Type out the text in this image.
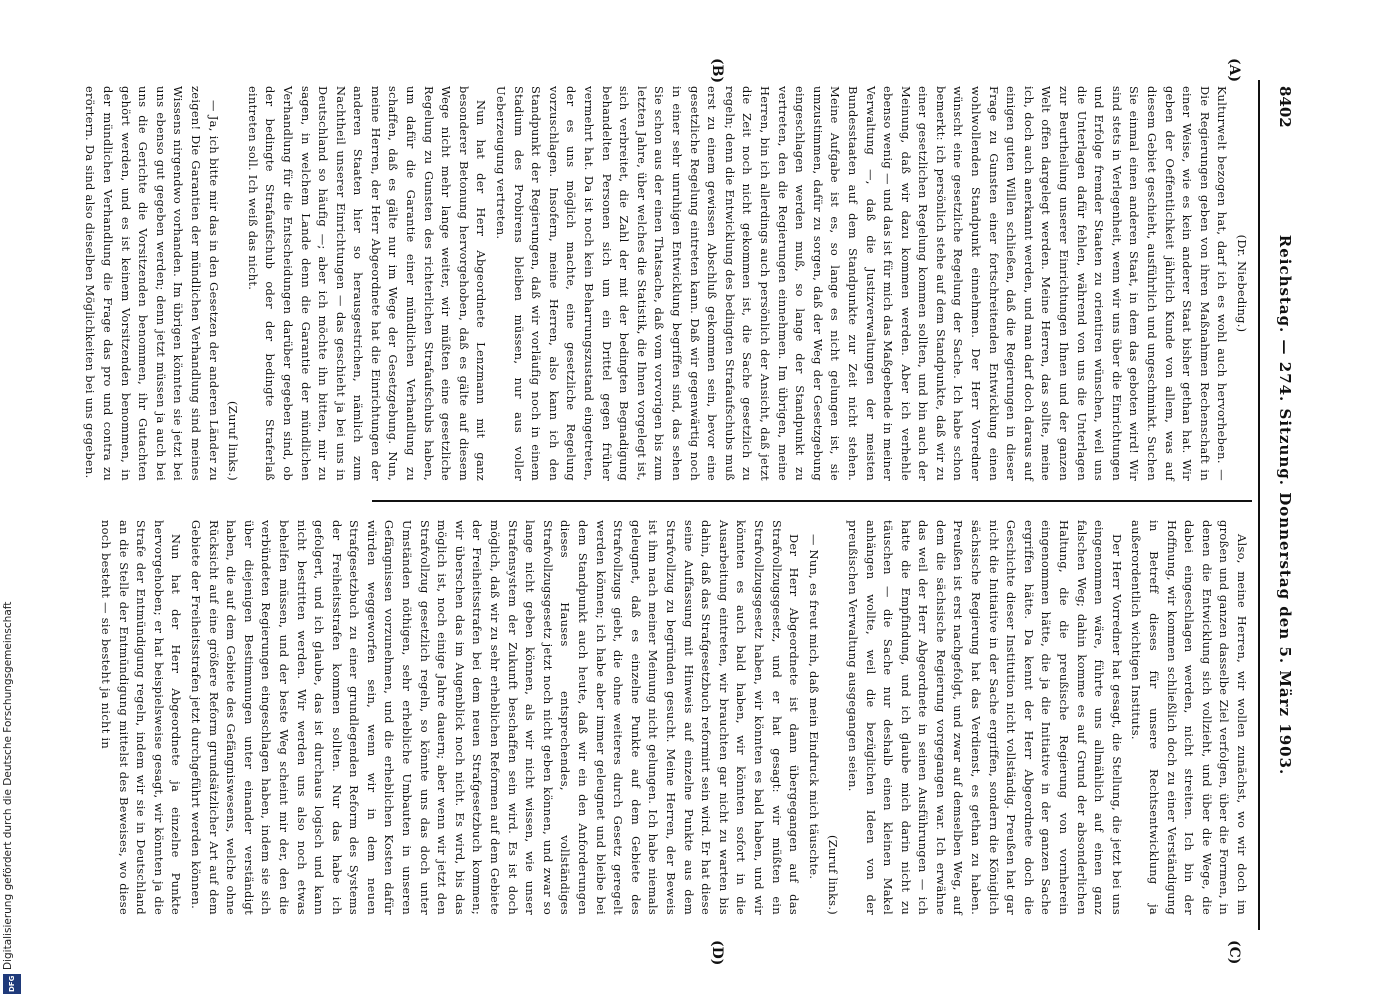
8402
Reichstag. — 274. Sitzung. Donnerstag den 5. März 1903.
(A)
(B)
(C)
(D)

(Dr. Niebeding.)

Kulturwelt bezogen hat, darf ich es wohl auch hervorheben. — Die Regierungen geben von ihren Maßnahmen Rechenschaft in einer Weise, wie es kein anderer Staat bisher gethan hat. Wir geben der Oeffentlichkeit jährlich Kunde von allem, was auf diesem Gebiet geschieht, ausführlich und ungeschminkt. Suchen Sie einmal einen anderen Staat, in dem das geboten wird! Wir sind stets in Verlegenheit, wenn wir uns über die Einrichtungen und Erfolge fremder Staaten zu orientiren wünschen, weil uns die Unterlagen dafür fehlen, während von uns die Unterlagen zur Beurtheilung unserer Einrichtungen Ihnen und der ganzen Welt offen dargelegt werden. Meine Herren, das sollte, meine ich, doch auch anerkannt werden, und man darf doch daraus auf einigen guten Willen schließen, daß die Regierungen in dieser Frage zu Gunsten einer fortschreitenden Entwicklung einen wohlwollenden Standpunkt einnehmen. Der Herr Vorredner wünscht eine gesetzliche Regelung der Sache. Ich habe schon bemerkt: ich persönlich stehe auf dem Standpunkte, daß wir zu einer gesetzlichen Regelung kommen sollten, und bin auch der Meinung, daß wir dazu kommen werden. Aber ich verhehle ebenso wenig — und das ist für mich das Maßgebende in meiner Verwaltung —, daß die Justizverwaltungen der meisten Bundesstaaten auf dem Standpunkte zur Zeit nicht stehen. Meine Aufgabe ist es, so lange es nicht gelungen ist, sie umzustimmen, dafür zu sorgen, daß der Weg der Gesetzgebung eingeschlagen werden muß, so lange der Standpunkt zu vertreten, den die Regierungen einnehmen. Im übrigen, meine Herren, bin ich allerdings auch persönlich der Ansicht, daß jetzt die Zeit noch nicht gekommen ist, die Sache gesetzlich zu regeln; denn die Entwicklung des bedingten Strafaufschubs muß erst zu einem gewissen Abschluß gekommen sein, bevor eine gesetzliche Regelung eintreten kann. Daß wir gegenwärtig noch in einer sehr unruhigen Entwicklung begriffen sind, das sehen Sie schon aus der einen Thatsache, daß vom vorvorigen bis zum letzten Jahre, über welches die Statistik, die Ihnen vorgelegt ist, sich verbreitet, die Zahl der mit der bedingten Begnadigung behandelten Personen sich um ein Drittel gegen früher vermehrt hat. Da ist noch kein Beharrungszustand eingetreten, der es uns möglich machte, eine gesetzliche Regelung vorzuschlagen. Insofern, meine Herren, also kann ich den Standpunkt der Regierungen, daß wir vorläufig noch in einem Stadium des Probirens bleiben müssen, nur aus voller Ueberzeugung vertreten.

Nun hat der Herr Abgeordnete Lenzmann mit ganz besonderer Betonung hervorgehoben, daß es gälte auf diesem Wege nicht mehr lange weiter, wir müßten eine gesetzliche Regelung zu Gunsten des richterlichen Strafaufschubs haben, um dafür die Garantie einer mündlichen Verhandlung zu schaffen, daß es gälte nur im Wege der Gesetzgebung. Nun, meine Herren, der Herr Abgeordnete hat die Einrichtungen der anderen Staaten hier so herausgestrichen, nämlich zum Nachtheil unserer Einrichtungen — das geschieht ja bei uns in Deutschland so häufig —; aber ich möchte ihn bitten, mir zu sagen, in welchem Lande denn die Garantie der mündlichen Verhandlung für die Entscheidungen darüber gegeben sind, ob der bedingte Strafaufschub oder der bedingte Straferlaß eintreten soll. Ich weiß das nicht.

(Zuruf links.)

— Ja, ich bitte mir das in den Gesetzen der anderen Länder zu zeigen! Die Garantien der mündlichen Verhandlung sind meines Wissens nirgendwo vorhanden. Im übrigen könnten sie jetzt bei uns ebenso gut gegeben werden; denn jetzt müssen ja auch bei uns die Gerichte die Vorsitzenden benommen, ihr Gutachten gehört werden, und es ist keinem Vorsitzenden benommen, in der mündlichen Verhandlung die Frage das pro und contra zu erörtern. Da sind also dieselben Möglichkeiten bei uns gegeben.

Also, meine Herren, wir wollen zunächst, wo wir doch im großen und ganzen dasselbe Ziel verfolgen, über die Formen, in denen die Entwicklung sich vollzieht, und über die Wege, die dabei eingeschlagen werden, nicht streiten. Ich bin der Hoffnung, wir kommen schließlich doch zu einer Verständigung in Betreff dieses für unsere Rechtsentwicklung ja außerordentlich wichtigen Instituts.

Der Herr Vorredner hat gesagt, die Stellung, die jetzt bei uns eingenommen wäre, führte uns allmählich auf einen ganz falschen Weg; dahin komme es auf Grund der absonderlichen Haltung, die die preußische Regierung von vornherein eingenommen hätte, die ja die Initiative in der ganzen Sache ergriffen hätte. Da kennt der Herr Abgeordnete doch die Geschichte dieser Institution nicht vollständig. Preußen hat gar nicht die Initiative in der Sache ergriffen, sondern die Königlich sächsische Regierung hat das Verdienst, es gethan zu haben. Preußen ist erst nachgefolgt, und zwar auf demselben Weg, auf dem die sächsische Regierung vorgegangen war. Ich erwähne das weil der Herr Abgeordnete in seinen Ausführungen — ich hatte die Empfindung, und ich glaube mich darin nicht zu täuschen — die Sache nur deshalb einen kleinen Makel anhängen wollte, weil die bezüglichen Ideen von der preußischen Verwaltung ausgegangen seien.

(Zuruf links.)

— Nun, es freut mich, daß mein Eindruck mich täuschte.

Der Herr Abgeordnete ist dann übergegangen auf das Strafvollzugsgesetz, und er hat gesagt: wir müßten ein Strafvollzugsgesetz haben, wir könnten es bald haben, und wir könnten es auch bald haben, wir könnten sofort in die Ausarbeitung eintreten, wir brauchten gar nicht zu warten bis dahin, daß das Strafgesetzbuch reformirt sein wird. Er hat diese seine Auffassung mit Hinweis auf einzelne Punkte aus dem Strafvollzug zu begründen gesucht. Meine Herren, der Beweis ist ihm nach meiner Meinung nicht gelungen. Ich habe niemals geleugnet, daß es einzelne Punkte auf dem Gebiete des Strafvollzugs giebt, die ohne weiteres durch Gesetz geregelt werden können; ich habe aber immer geleugnet und bleibe bei dem Standpunkt auch heute, daß wir ein den Anforderungen dieses Hauses entsprechendes, vollständiges Strafvollzugsgesetz jetzt noch nicht geben können, und zwar so lange nicht geben können, als wir nicht wissen, wie unser Strafensystem der Zukunft beschaffen sein wird. Es ist doch möglich, daß wir zu sehr erheblichen Reformen auf dem Gebiete der Freiheitsstrafen bei dem neuen Strafgesetzbuch kommen; wir überschen das im Augenblick noch nicht. Es wird, bis das möglich ist, noch einige Jahre dauern; aber wenn wir jetzt den Strafvollzug gesetzlich regeln, so könnte uns das doch unter Umständen nöthigen, sehr erhebliche Umbauten in unseren Gefängnissen vorzunehmen, und die erheblichen Kosten dafür würden weggeworfen sein, wenn wir in dem neuen Strafgesetzbuch zu einer grundlegenden Reform des Systems der Freiheitsstrafen kommen sollten. Nur das habe ich gefolgert, und ich glaube, das ist durchaus logisch und kann nicht bestritten werden. Wir werden uns also noch etwas behelfen müssen, und der beste Weg scheint mir der, den die verbündeten Regierungen eingeschlagen haben, indem sie sich über diejenigen Bestimmungen unter einander verständigt haben, die auf dem Gebiete des Gefängniswesens, welche ohne Rücksicht auf eine größere Reform grundsätzlicher Art auf dem Gebiete der Freiheitsstrafen jetzt durchgeführt werden können.

Nun hat der Herr Abgeordnete ja einzelne Punkte hervorgehoben; er hat beispielsweise gesagt, wir könnten ja die Strafe der Entmündigung regeln, indem wir sie in Deutschland an die Stelle der Entmündigung mittelst des Beweises, wo diese noch besteht — sie besteht ja nicht in

Digitalisierung gefördert durch die Deutsche Forschungsgemeinschaft
DFG
